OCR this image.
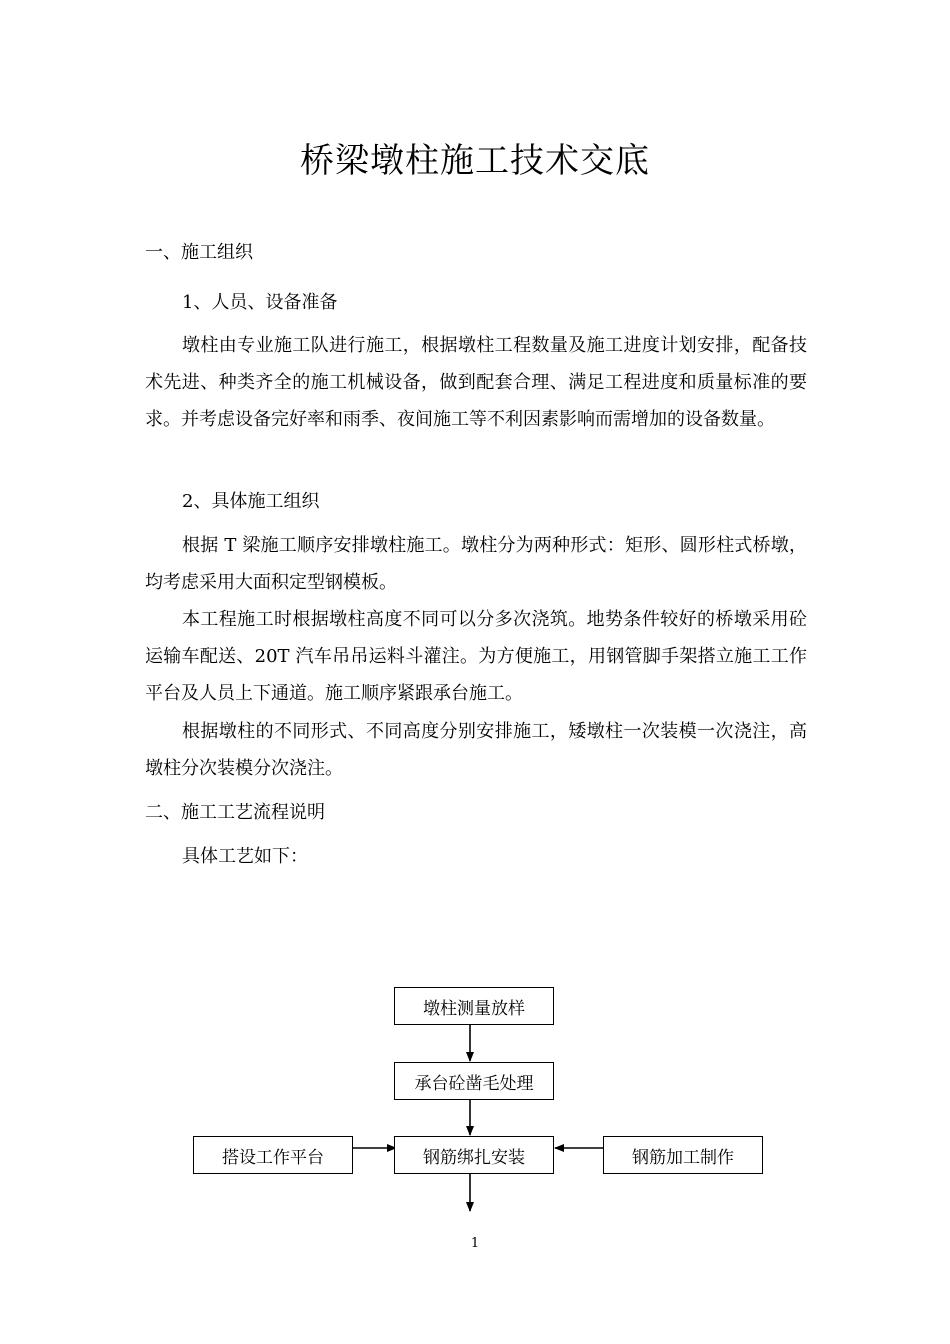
桥梁墩柱施工技术交底
一、施工组织
1、人员、设备准备
墩柱由专业施工队进行施工，根据墩柱工程数量及施工进度计划安排，配备技术先进、种类齐全的施工机械设备，做到配套合理、满足工程进度和质量标准的要求。并考虑设备完好率和雨季、夜间施工等不利因素影响而需增加的设备数量。
2、具体施工组织
根据 T 梁施工顺序安排墩柱施工。墩柱分为两种形式：矩形、圆形柱式桥墩，均考虑采用大面积定型钢模板。
本工程施工时根据墩柱高度不同可以分多次浇筑。地势条件较好的桥墩采用砼运输车配送、20T 汽车吊吊运料斗灌注。为方便施工，用钢管脚手架搭立施工工作平台及人员上下通道。施工顺序紧跟承台施工。
根据墩柱的不同形式、不同高度分别安排施工，矮墩柱一次装模一次浇注，高墩柱分次装模分次浇注。
二、施工工艺流程说明
具体工艺如下：
墩柱测量放样
承台砼凿毛处理
钢筋绑扎安装
搭设工作平台	钢筋加工制作
1
